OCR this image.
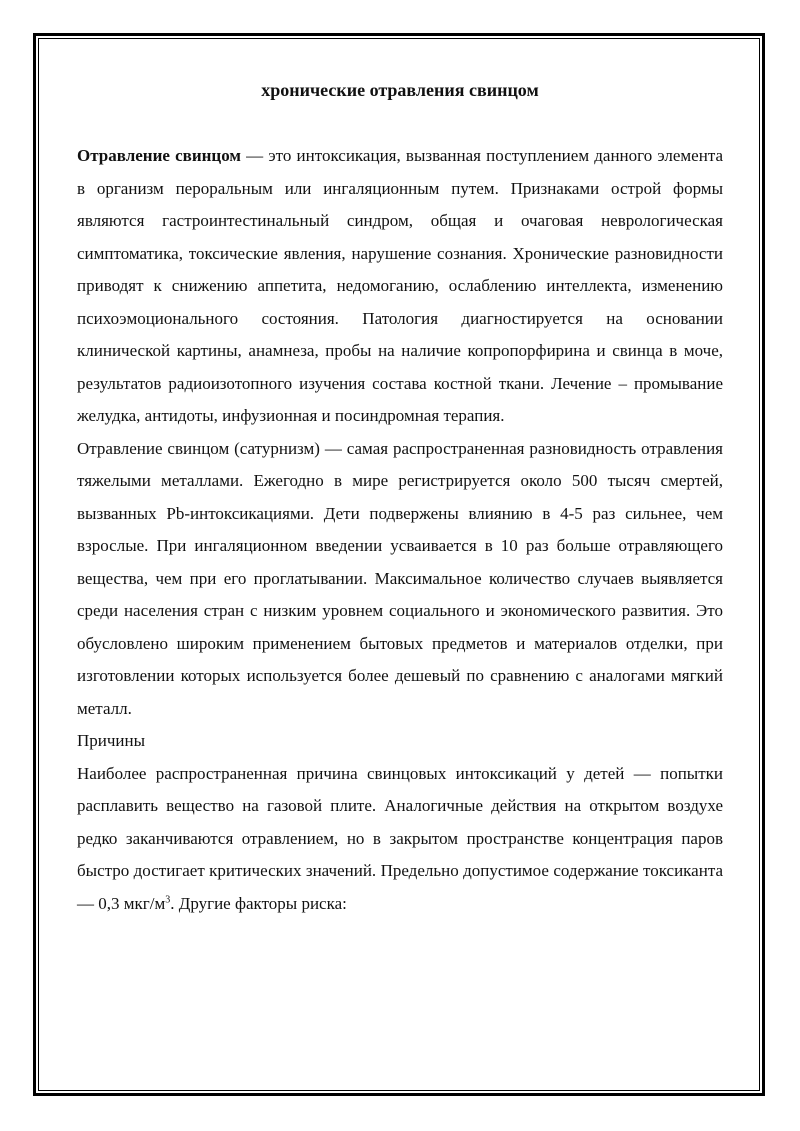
хронические отравления свинцом

Отравление свинцом — это интоксикация, вызванная поступлением данного элемента в организм пероральным или ингаляционным путем. Признаками острой формы являются гастроинтестинальный синдром, общая и очаговая неврологическая симптоматика, токсические явления, нарушение сознания. Хронические разновидности приводят к снижению аппетита, недомоганию, ослаблению интеллекта, изменению психоэмоционального состояния. Патология диагностируется на основании клинической картины, анамнеза, пробы на наличие копропорфирина и свинца в моче, результатов радиоизотопного изучения состава костной ткани. Лечение – промывание желудка, антидоты, инфузионная и посиндромная терапия.

Отравление свинцом (сатурнизм) — самая распространенная разновидность отравления тяжелыми металлами. Ежегодно в мире регистрируется около 500 тысяч смертей, вызванных Pb-интоксикациями. Дети подвержены влиянию в 4-5 раз сильнее, чем взрослые. При ингаляционном введении усваивается в 10 раз больше отравляющего вещества, чем при его проглатывании. Максимальное количество случаев выявляется среди населения стран с низким уровнем социального и экономического развития. Это обусловлено широким применением бытовых предметов и материалов отделки, при изготовлении которых используется более дешевый по сравнению с аналогами мягкий металл.

Причины

Наиболее распространенная причина свинцовых интоксикаций у детей — попытки расплавить вещество на газовой плите. Аналогичные действия на открытом воздухе редко заканчиваются отравлением, но в закрытом пространстве концентрация паров быстро достигает критических значений. Предельно допустимое содержание токсиканта — 0,3 мкг/$м^3$. Другие факторы риска:
